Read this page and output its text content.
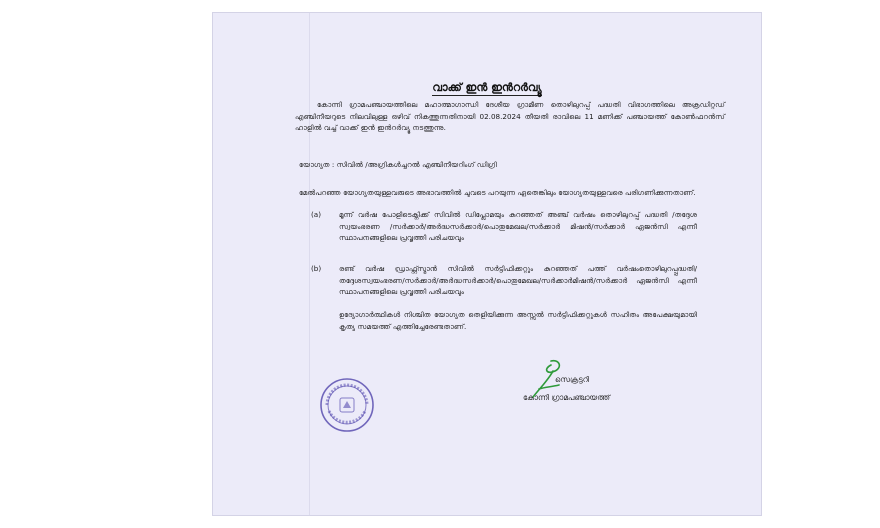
വാക്ക് ഇൻ ഇൻറർവ്യൂ

കോന്നി ഗ്രാമപഞ്ചായത്തിലെ മഹാത്മാഗാന്ധി ദേശീയ ഗ്രാമീണ തൊഴിലുറപ്പ് പദ്ധതി വിഭാഗത്തിലെ അക്രഡിറ്റഡ് എഞ്ചിനീയറുടെ നിലവിലുള്ള ഒഴിവ് നികത്തുന്നതിനായി 02.08.2024 തീയതി രാവിലെ 11 മണിക്ക് പഞ്ചായത്ത് കോൺഫറൻസ് ഹാളിൽ വച്ച് വാക്ക് ഇൻ ഇൻറർവ്യൂ നടത്തുന്നു.

യോഗ്യത : സിവിൽ /അഗ്രികൾച്ചറൽ എഞ്ചിനീയറിംഗ് ഡിഗ്രി

മേൽപറഞ്ഞ യോഗ്യതയുള്ളവരുടെ അഭാവത്തിൽ ചുവടെ പറയുന്ന ഏതെങ്കിലും യോഗ്യതയുള്ളവരെ പരിഗണിക്കുന്നതാണ്.

(a) മൂന്ന് വർഷ പോളിടെക്നിക്ക് സിവിൽ ഡിപ്ലോമയും കുറഞ്ഞത് അഞ്ച് വർഷം തൊഴിലുറപ്പ് പദ്ധതി /തദ്ദേശ സ്വയംഭരണ /സർക്കാർ/അർദ്ധസർക്കാർ/പൊതുമേഖല/സർക്കാർ മിഷൻ/സർക്കാർ ഏജൻസി എന്നീ സ്ഥാപനങ്ങളിലെ പ്രവൃത്തി പരിചയവും
(b) രണ്ട് വർഷ ഡ്രാഫ്റ്റ്സ്മാൻ സിവിൽ സർട്ടിഫിക്കറ്റും കുറഞ്ഞത് പത്ത് വർഷംതൊഴിലുറപ്പ്പദ്ധതി/തദ്ദേശസ്വയംഭരണ/സർക്കാർ/അർദ്ധസർക്കാർ/പൊതുമേഖല/സർക്കാർമിഷൻ/സർക്കാർ ഏജൻസി എന്നീ സ്ഥാപനങ്ങളിലെ പ്രവൃത്തി പരിചയവും

ഉദ്യോഗാർത്ഥികൾ നിശ്ചിത യോഗ്യത തെളിയിക്കുന്ന അസ്സൽ സർട്ടിഫിക്കറ്റുകൾ സഹിതം അപേക്ഷയുമായി കൃത്യ സമയത്ത് എത്തിച്ചേരേണ്ടതാണ്.

സെക്രട്ടറി
കോന്നി ഗ്രാമപഞ്ചായത്ത്
